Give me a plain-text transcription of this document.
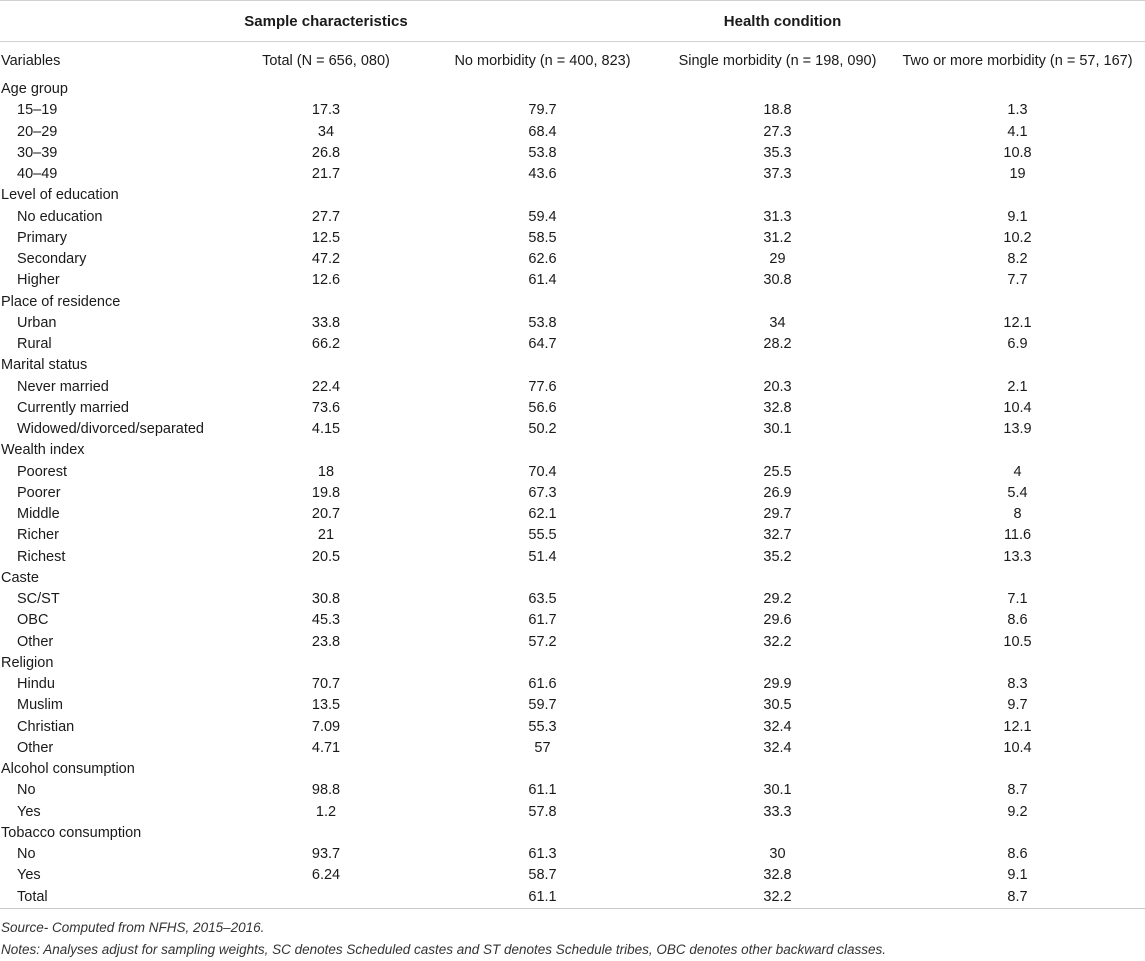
	Sample characteristics	Health condition		
Variables	Total (N = 656, 080)	No morbidity (n = 400, 823)	Single morbidity (n = 198, 090)	Two or more morbidity (n = 57, 167)
Age group				
15–19	17.3	79.7	18.8	1.3
20–29	34	68.4	27.3	4.1
30–39	26.8	53.8	35.3	10.8
40–49	21.7	43.6	37.3	19
Level of education				
No education	27.7	59.4	31.3	9.1
Primary	12.5	58.5	31.2	10.2
Secondary	47.2	62.6	29	8.2
Higher	12.6	61.4	30.8	7.7
Place of residence				
Urban	33.8	53.8	34	12.1
Rural	66.2	64.7	28.2	6.9
Marital status				
Never married	22.4	77.6	20.3	2.1
Currently married	73.6	56.6	32.8	10.4
Widowed/divorced/separated	4.15	50.2	30.1	13.9
Wealth index				
Poorest	18	70.4	25.5	4
Poorer	19.8	67.3	26.9	5.4
Middle	20.7	62.1	29.7	8
Richer	21	55.5	32.7	11.6
Richest	20.5	51.4	35.2	13.3
Caste				
SC/ST	30.8	63.5	29.2	7.1
OBC	45.3	61.7	29.6	8.6
Other	23.8	57.2	32.2	10.5
Religion				
Hindu	70.7	61.6	29.9	8.3
Muslim	13.5	59.7	30.5	9.7
Christian	7.09	55.3	32.4	12.1
Other	4.71	57	32.4	10.4
Alcohol consumption				
No	98.8	61.1	30.1	8.7
Yes	1.2	57.8	33.3	9.2
Tobacco consumption				
No	93.7	61.3	30	8.6
Yes	6.24	58.7	32.8	9.1
Total		61.1	32.2	8.7
Source- Computed from NFHS, 2015–2016.
Notes: Analyses adjust for sampling weights, SC denotes Scheduled castes and ST denotes Schedule tribes, OBC denotes other backward classes.
